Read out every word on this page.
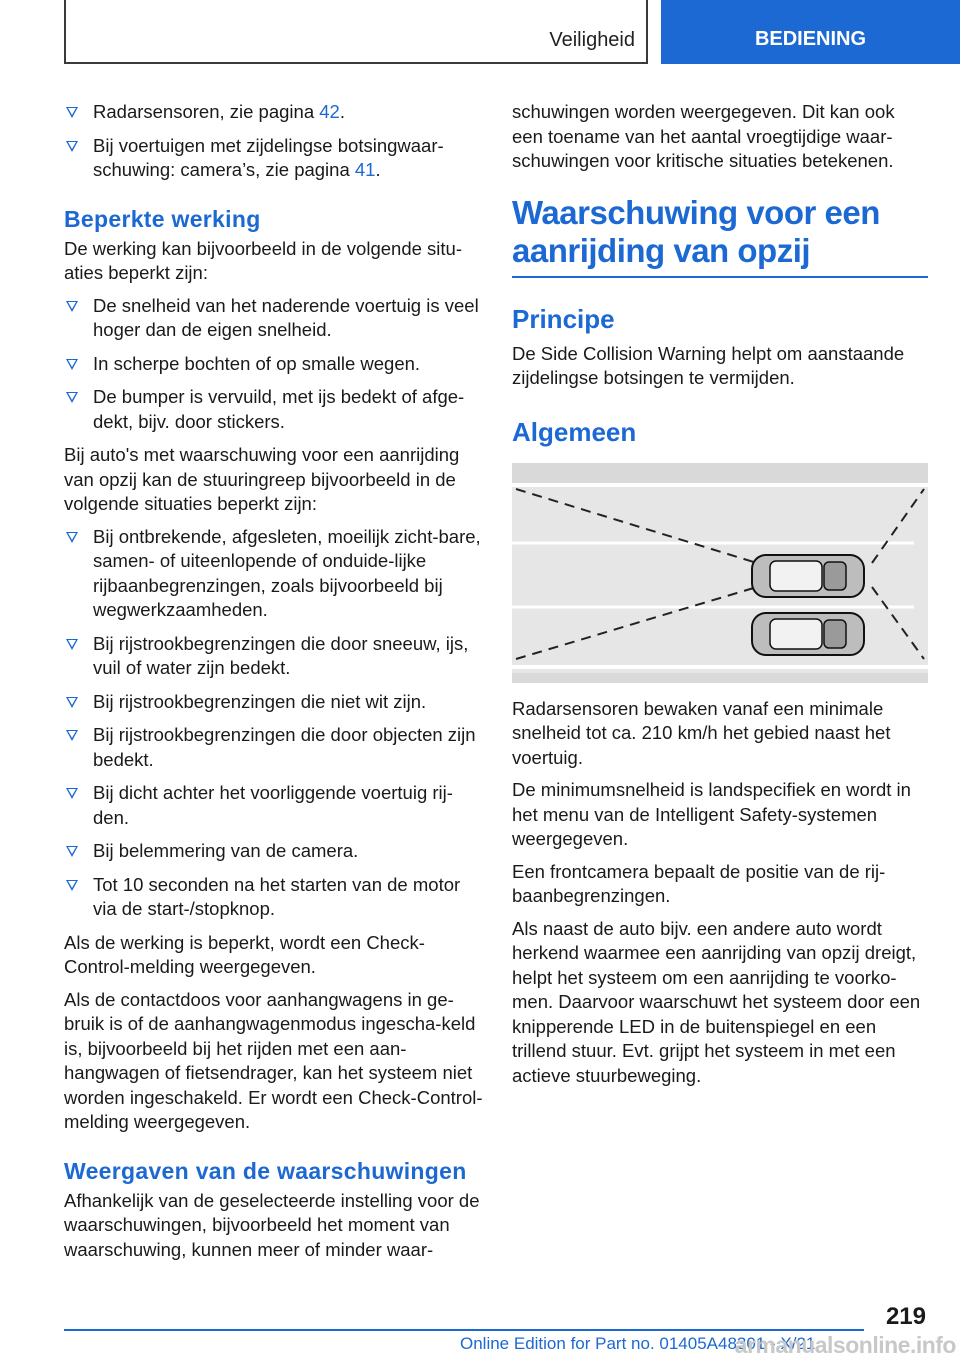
Veiligheid	BEDIENING
Radarsensoren, zie pagina 42.
Bij voertuigen met zijdelingse botsingwaar-schuwing: camera’s, zie pagina 41.
Beperkte werking

De werking kan bijvoorbeeld in de volgende situ-aties beperkt zijn:

De snelheid van het naderende voertuig is veel hoger dan de eigen snelheid.
In scherpe bochten of op smalle wegen.
De bumper is vervuild, met ijs bedekt of afge-dekt, bijv. door stickers.

Bij auto's met waarschuwing voor een aanrijding van opzij kan de stuuringreep bijvoorbeeld in de volgende situaties beperkt zijn:

Bij ontbrekende, afgesleten, moeilijk zicht-bare, samen- of uiteenlopende of onduide-lijke rijbaanbegrenzingen, zoals bijvoorbeeld bij wegwerkzaamheden.
Bij rijstrookbegrenzingen die door sneeuw, ijs, vuil of water zijn bedekt.
Bij rijstrookbegrenzingen die niet wit zijn.
Bij rijstrookbegrenzingen die door objecten zijn bedekt.
Bij dicht achter het voorliggende voertuig rij-den.
Bij belemmering van de camera.
Tot 10 seconden na het starten van de motor via de start-/stopknop.

Als de werking is beperkt, wordt een Check-Control-melding weergegeven.

Als de contactdoos voor aanhangwagens in ge-bruik is of de aanhangwagenmodus ingescha-keld is, bijvoorbeeld bij het rijden met een aan-hangwagen of fietsendrager, kan het systeem niet worden ingeschakeld. Er wordt een Check-Control-melding weergegeven.

Weergaven van de waarschuwingen

Afhankelijk van de geselecteerde instelling voor de waarschuwingen, bijvoorbeeld het moment van waarschuwing, kunnen meer of minder waar-

schuwingen worden weergegeven. Dit kan ook een toename van het aantal vroegtijdige waar-schuwingen voor kritische situaties betekenen.

Waarschuwing voor een aanrijding van opzij
Principe

De Side Collision Warning helpt om aanstaande zijdelingse botsingen te vermijden.

Algemeen

Radarsensoren bewaken vanaf een minimale snelheid tot ca. 210 km/h het gebied naast het voertuig.

De minimumsnelheid is landspecifiek en wordt in het menu van de Intelligent Safety-systemen weergegeven.

Een frontcamera bepaalt de positie van de rij-baanbegrenzingen.

Als naast de auto bijv. een andere auto wordt herkend waarmee een aanrijding van opzij dreigt, helpt het systeem om een aanrijding te voorko-men. Daarvoor waarschuwt het systeem door een knipperende LED in de buitenspiegel en een trillend stuur. Evt. grijpt het systeem in met een actieve stuurbeweging.

219
Online Edition for Part no. 01405A48301 - X/21
armanualsonline.info
